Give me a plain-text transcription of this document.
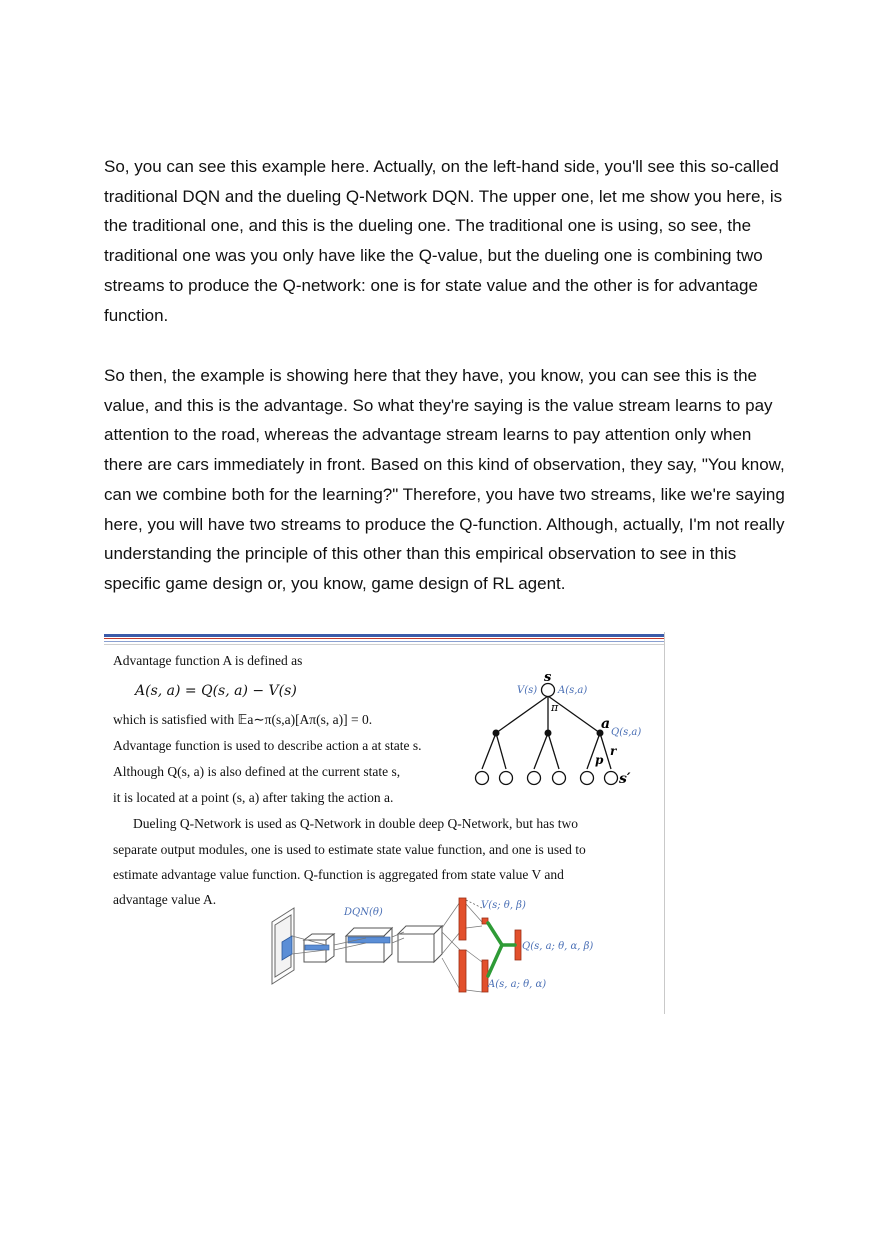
So, you can see this example here. Actually, on the left-hand side, you'll see this so-called traditional DQN and the dueling Q-Network DQN. The upper one, let me show you here, is the traditional one, and this is the dueling one. The traditional one is using, so see, the traditional one was you only have like the Q-value, but the dueling one is combining two streams to produce the Q-network: one is for state value and the other is for advantage function.

So then, the example is showing here that they have, you know, you can see this is the value, and this is the advantage. So what they're saying is the value stream learns to pay attention to the road, whereas the advantage stream learns to pay attention only when there are cars immediately in front. Based on this kind of observation, they say, "You know, can we combine both for the learning?" Therefore, you have two streams, like we're saying here, you will have two streams to produce the Q-function. Although, actually, I'm not really understanding the principle of this other than this empirical observation to see in this specific game design or, you know, game design of RL agent.

Advantage function A is defined as
A(s, a) = Q(s, a) − V(s)
which is satisfied with 𝔼a∼π(s,a)[Aπ(s, a)] = 0.
Advantage function is used to describe action a at state s.
Although Q(s, a) is also defined at the current state s,
it is located at a point (s, a) after taking the action a.
Dueling Q-Network is used as Q-Network in double deep Q-Network, but has two
separate output modules, one is used to estimate state value function, and one is used to
estimate advantage value function. Q-function is aggregated from state value V and
advantage value A.
s
V(s) A(s,a)
π
a
Q(s,a)
r
p
s′
DQN(θ)
V(s; θ, β)
Q(s, a; θ, α, β)
A(s, a; θ, α)
